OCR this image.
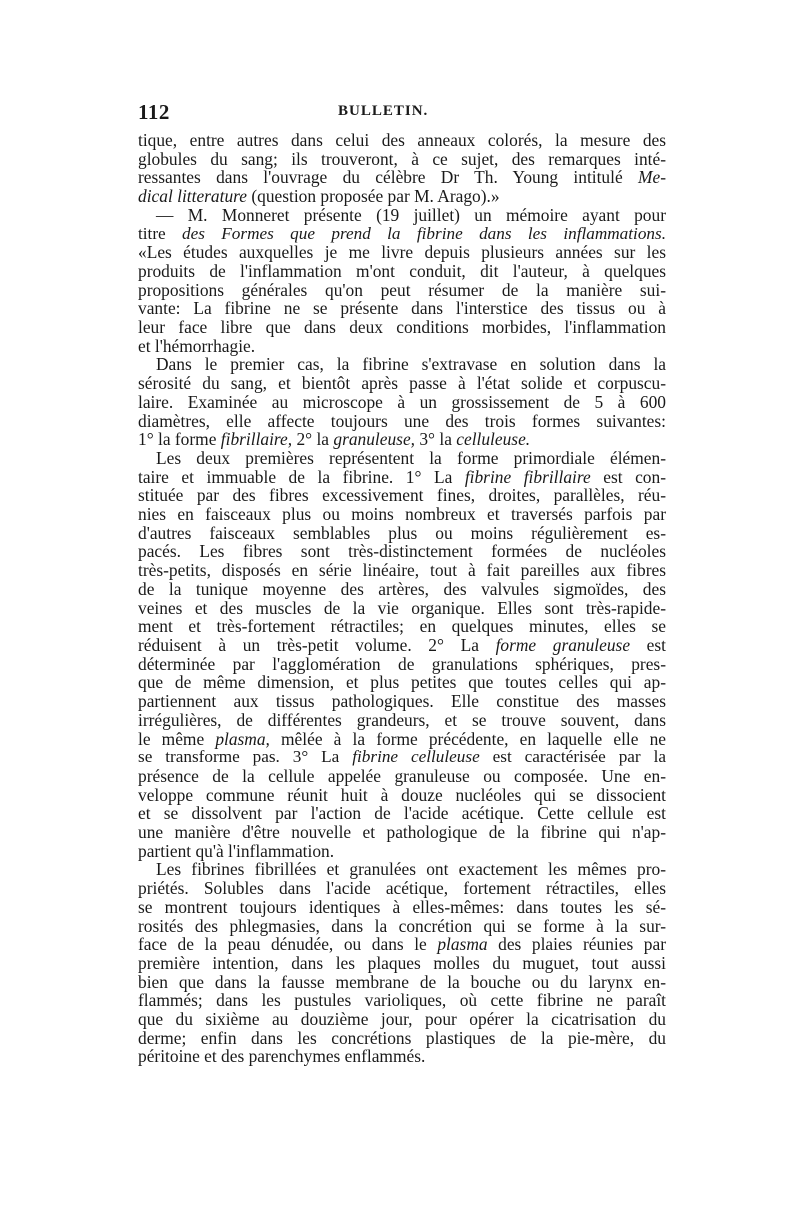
112	BULLETIN.
tique, entre autres dans celui des anneaux colorés, la mesure des
globules du sang; ils trouveront, à ce sujet, des remarques inté-
ressantes dans l'ouvrage du célèbre Dr Th. Young intitulé Me-
dical litterature (question proposée par M. Arago).»
— M. Monneret présente (19 juillet) un mémoire ayant pour
titre des Formes que prend la fibrine dans les inflammations.
«Les études auxquelles je me livre depuis plusieurs années sur les
produits de l'inflammation m'ont conduit, dit l'auteur, à quelques
propositions générales qu'on peut résumer de la manière sui-
vante: La fibrine ne se présente dans l'interstice des tissus ou à
leur face libre que dans deux conditions morbides, l'inflammation
et l'hémorrhagie.
Dans le premier cas, la fibrine s'extravase en solution dans la
sérosité du sang, et bientôt après passe à l'état solide et corpuscu-
laire. Examinée au microscope à un grossissement de 5 à 600
diamètres, elle affecte toujours une des trois formes suivantes:
1° la forme fibrillaire, 2° la granuleuse, 3° la celluleuse.
Les deux premières représentent la forme primordiale élémen-
taire et immuable de la fibrine. 1° La fibrine fibrillaire est con-
stituée par des fibres excessivement fines, droites, parallèles, réu-
nies en faisceaux plus ou moins nombreux et traversés parfois par
d'autres faisceaux semblables plus ou moins régulièrement es-
pacés. Les fibres sont très-distinctement formées de nucléoles
très-petits, disposés en série linéaire, tout à fait pareilles aux fibres
de la tunique moyenne des artères, des valvules sigmoïdes, des
veines et des muscles de la vie organique. Elles sont très-rapide-
ment et très-fortement rétractiles; en quelques minutes, elles se
réduisent à un très-petit volume. 2° La forme granuleuse est
déterminée par l'agglomération de granulations sphériques, pres-
que de même dimension, et plus petites que toutes celles qui ap-
partiennent aux tissus pathologiques. Elle constitue des masses
irrégulières, de différentes grandeurs, et se trouve souvent, dans
le même plasma, mêlée à la forme précédente, en laquelle elle ne
se transforme pas. 3° La fibrine celluleuse est caractérisée par la
présence de la cellule appelée granuleuse ou composée. Une en-
veloppe commune réunit huit à douze nucléoles qui se dissocient
et se dissolvent par l'action de l'acide acétique. Cette cellule est
une manière d'être nouvelle et pathologique de la fibrine qui n'ap-
partient qu'à l'inflammation.
Les fibrines fibrillées et granulées ont exactement les mêmes pro-
priétés. Solubles dans l'acide acétique, fortement rétractiles, elles
se montrent toujours identiques à elles-mêmes: dans toutes les sé-
rosités des phlegmasies, dans la concrétion qui se forme à la sur-
face de la peau dénudée, ou dans le plasma des plaies réunies par
première intention, dans les plaques molles du muguet, tout aussi
bien que dans la fausse membrane de la bouche ou du larynx en-
flammés; dans les pustules varioliques, où cette fibrine ne paraît
que du sixième au douzième jour, pour opérer la cicatrisation du
derme; enfin dans les concrétions plastiques de la pie-mère, du
péritoine et des parenchymes enflammés.
